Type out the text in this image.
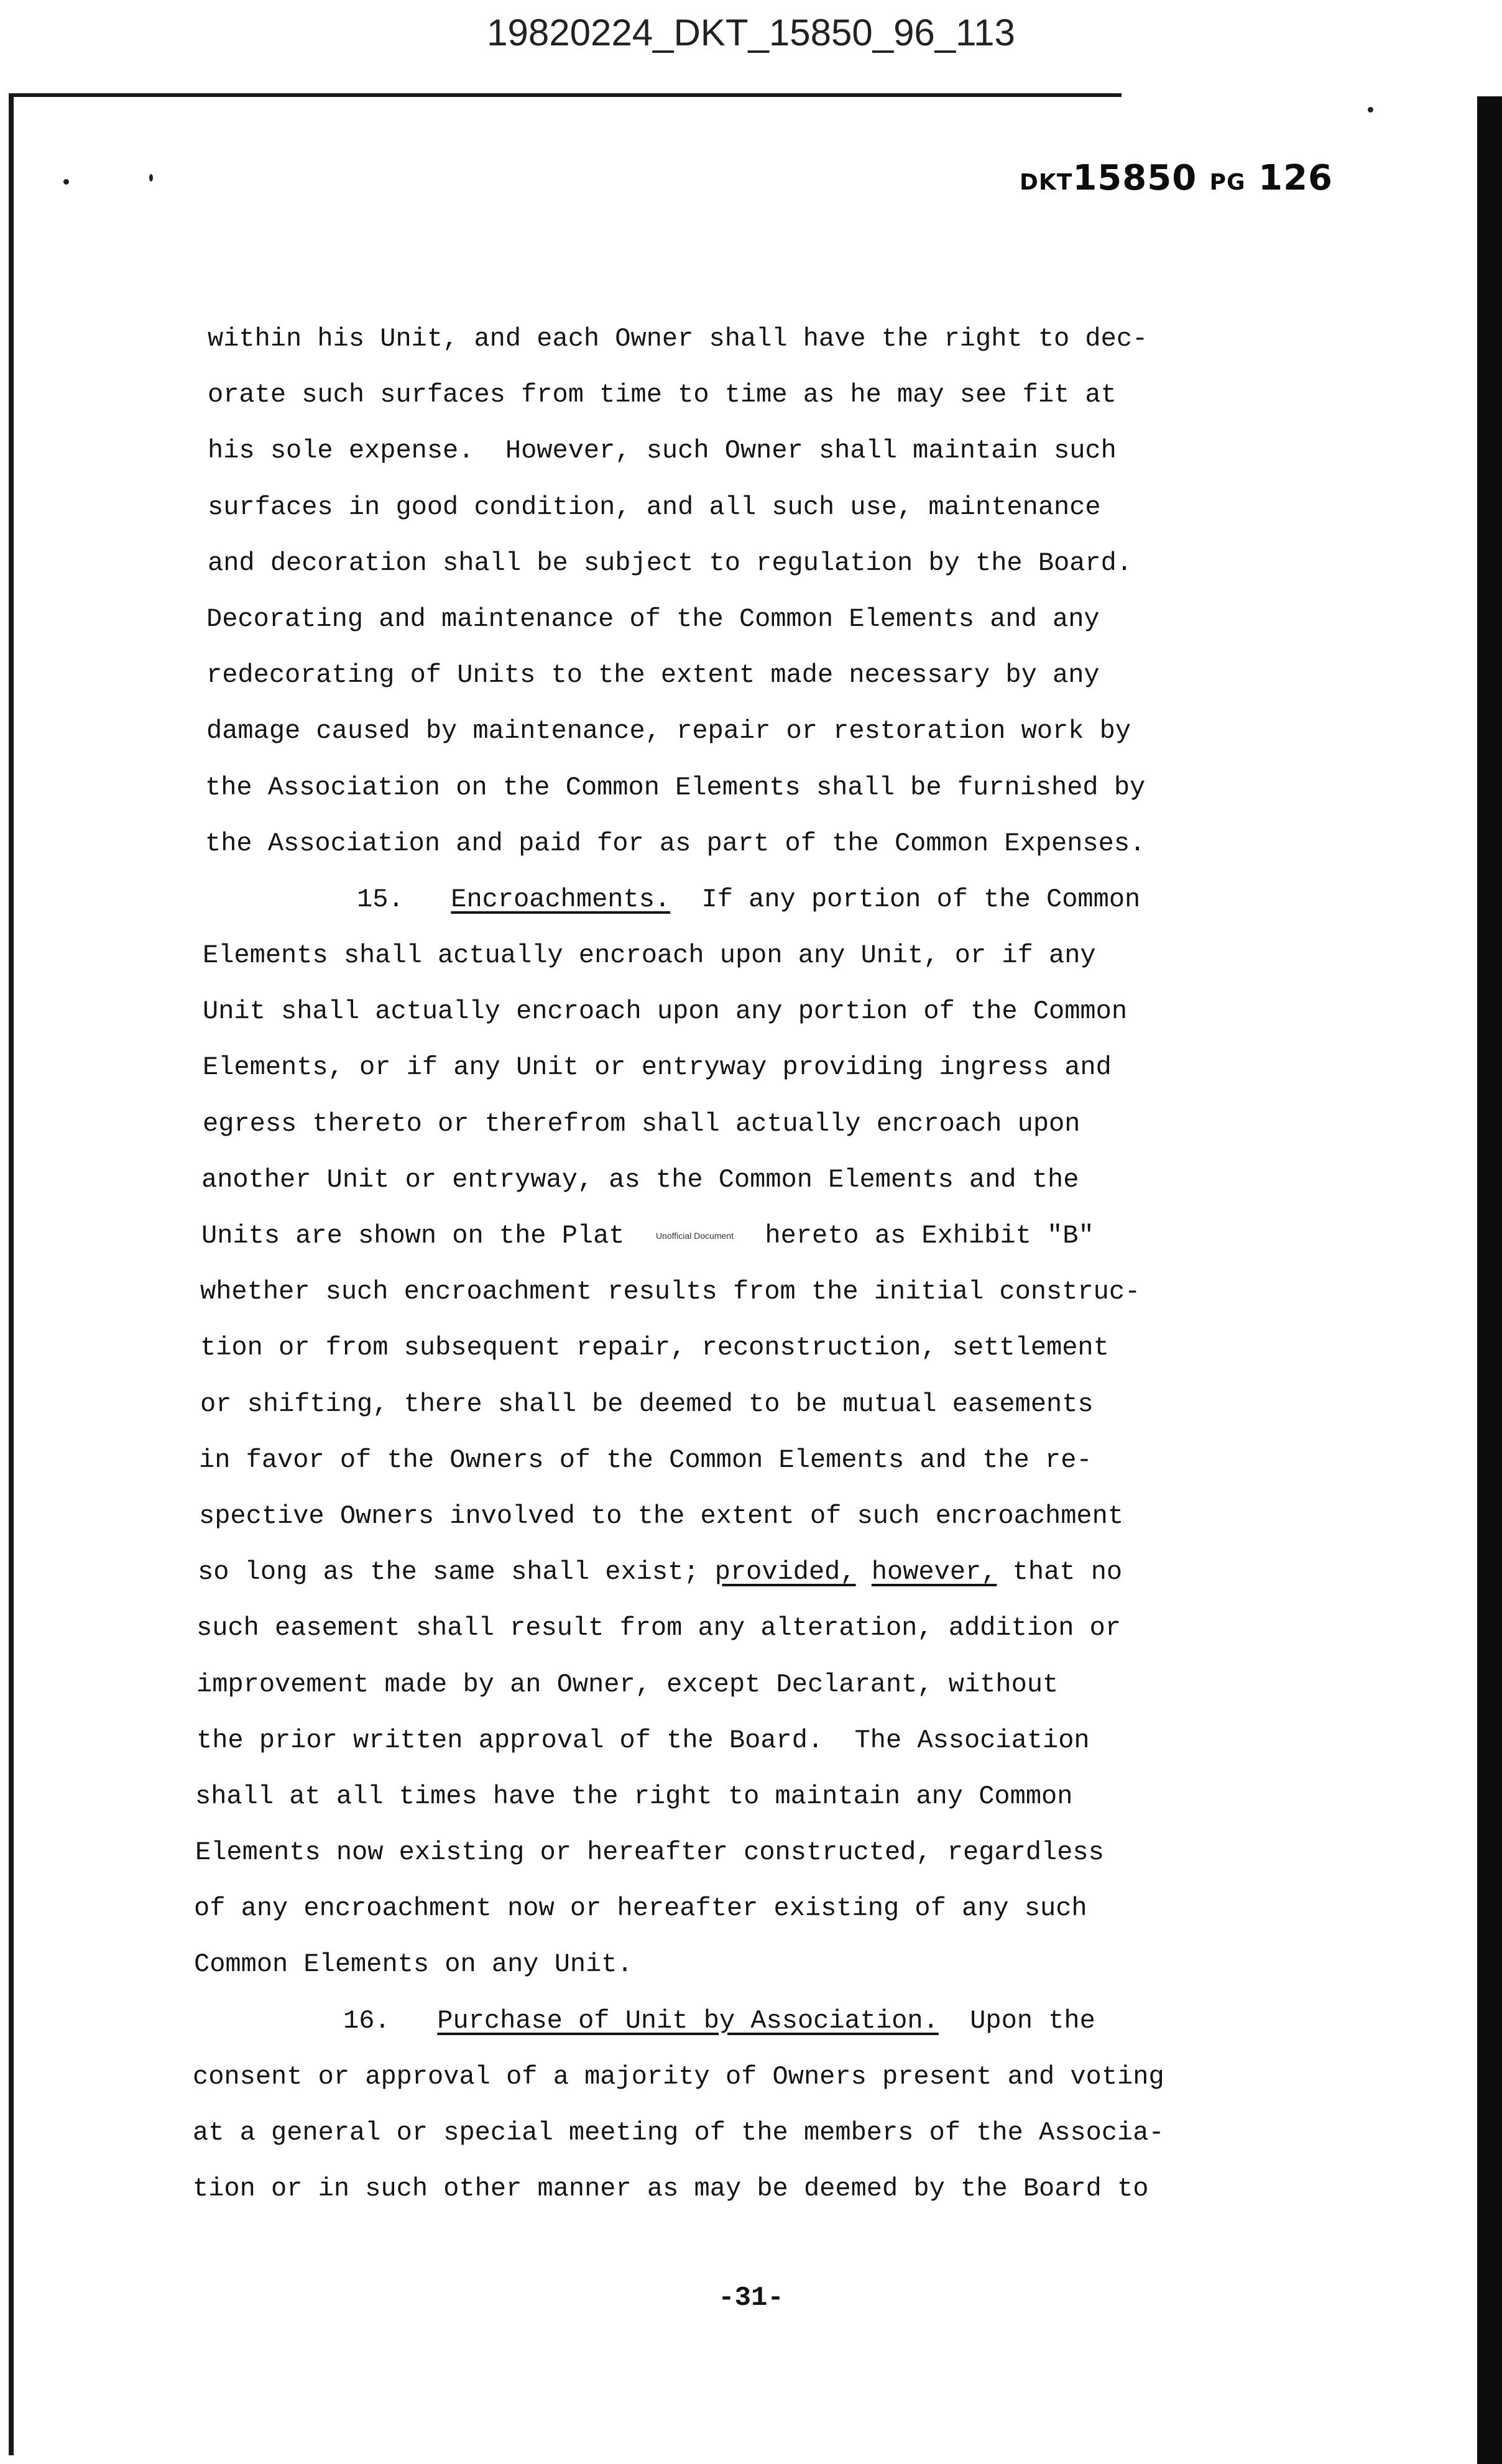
19820224_DKT_15850_96_113
DKT15850 PG 126
within his Unit, and each Owner shall have the right to dec-
orate such surfaces from time to time as he may see fit at
his sole expense.  However, such Owner shall maintain such
surfaces in good condition, and all such use, maintenance
and decoration shall be subject to regulation by the Board.
Decorating and maintenance of the Common Elements and any
redecorating of Units to the extent made necessary by any
damage caused by maintenance, repair or restoration work by
the Association on the Common Elements shall be furnished by
the Association and paid for as part of the Common Expenses.
15. Encroachments. If any portion of the Common
Elements shall actually encroach upon any Unit, or if any
Unit shall actually encroach upon any portion of the Common
Elements, or if any Unit or entryway providing ingress and
egress thereto or therefrom shall actually encroach upon
another Unit or entryway, as the Common Elements and the
Units are shown on the Plat	Unofficial Document hereto as Exhibit "B"
whether such encroachment results from the initial construc-
tion or from subsequent repair, reconstruction, settlement
or shifting, there shall be deemed to be mutual easements
in favor of the Owners of the Common Elements and the re-
spective Owners involved to the extent of such encroachment
so long as the same shall exist; provided, however, that no
such easement shall result from any alteration, addition or
improvement made by an Owner, except Declarant, without
the prior written approval of the Board.  The Association
shall at all times have the right to maintain any Common
Elements now existing or hereafter constructed, regardless
of any encroachment now or hereafter existing of any such
Common Elements on any Unit.
16. Purchase of Unit by Association. Upon the
consent or approval of a majority of Owners present and voting
at a general or special meeting of the members of the Associa-
tion or in such other manner as may be deemed by the Board to
-31-
